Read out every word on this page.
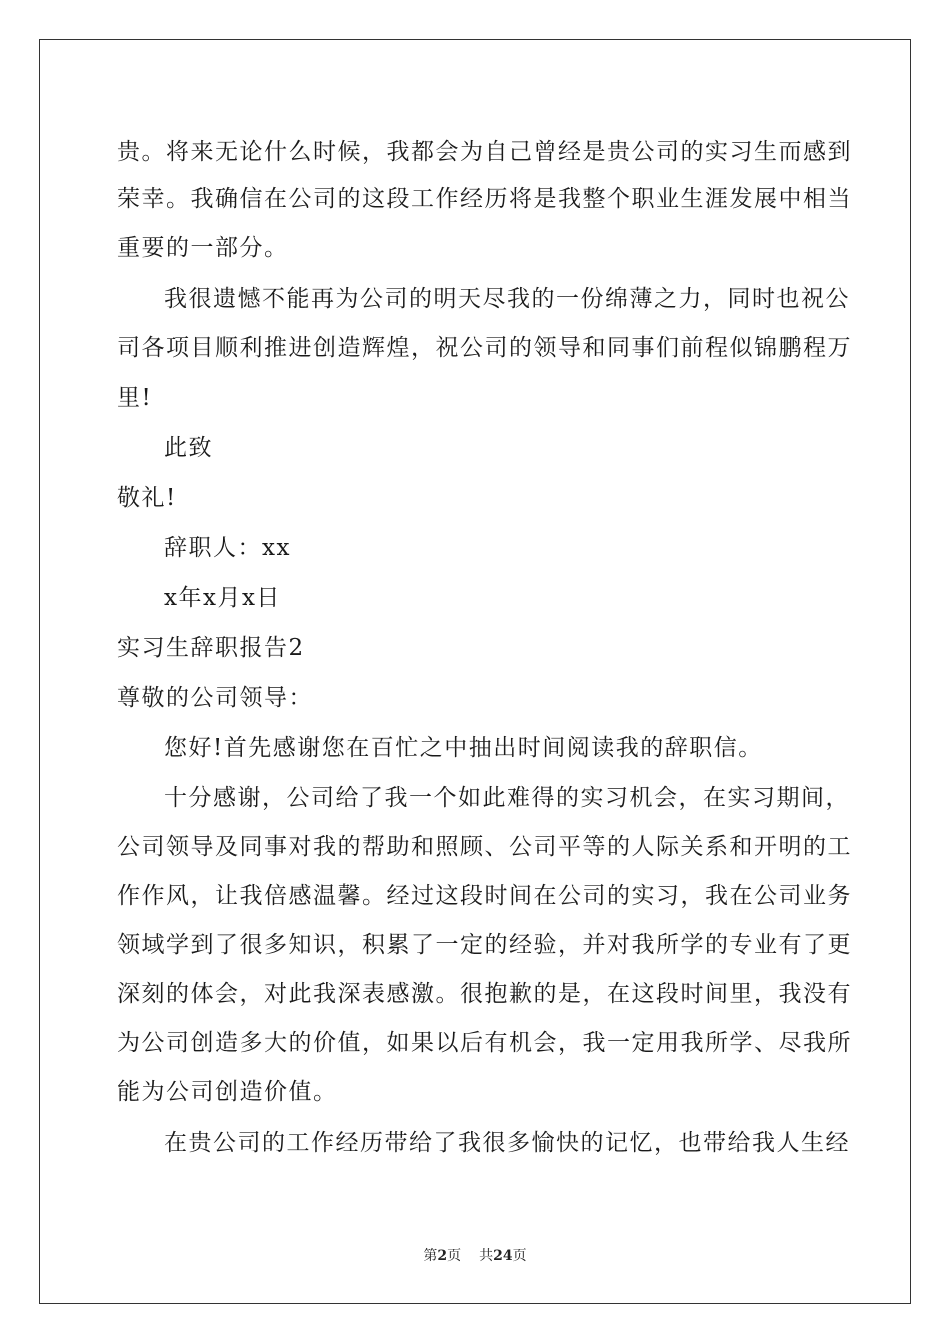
贵。将来无论什么时候，我都会为自己曾经是贵公司的实习生而感到
荣幸。我确信在公司的这段工作经历将是我整个职业生涯发展中相当
重要的一部分。
我很遗憾不能再为公司的明天尽我的一份绵薄之力，同时也祝公
司各项目顺利推进创造辉煌，祝公司的领导和同事们前程似锦鹏程万
里!
此致
敬礼!
辞职人：xx
x年x月x日
实习生辞职报告2
尊敬的公司领导：
您好!首先感谢您在百忙之中抽出时间阅读我的辞职信。
十分感谢，公司给了我一个如此难得的实习机会，在实习期间，
公司领导及同事对我的帮助和照顾、公司平等的人际关系和开明的工
作作风，让我倍感温馨。经过这段时间在公司的实习，我在公司业务
领域学到了很多知识，积累了一定的经验，并对我所学的专业有了更
深刻的体会，对此我深表感激。很抱歉的是，在这段时间里，我没有
为公司创造多大的价值，如果以后有机会，我一定用我所学、尽我所
能为公司创造价值。
在贵公司的工作经历带给了我很多愉快的记忆，也带给我人生经
第2页 共24页
